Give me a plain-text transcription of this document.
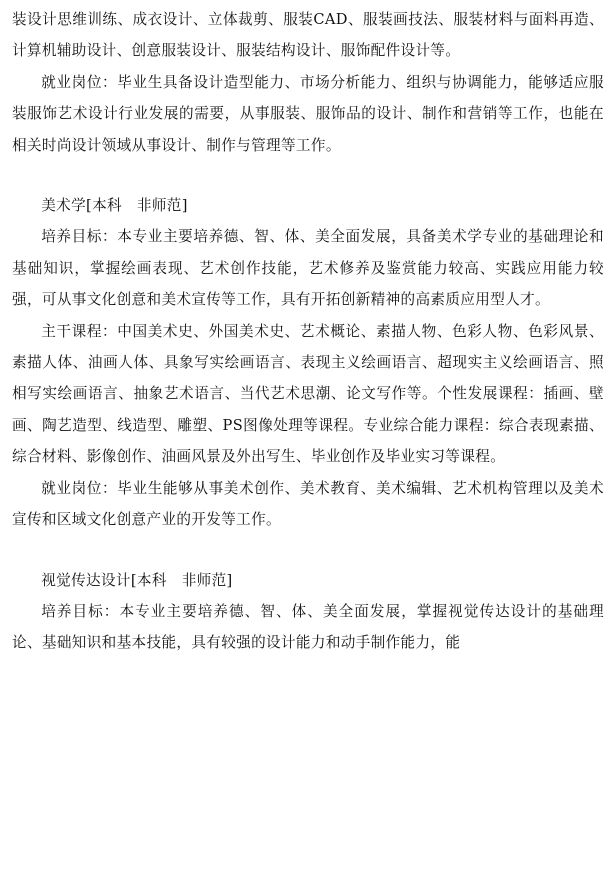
装设计思维训练、成衣设计、立体裁剪、服装CAD、服装画技法、服装材料与面料再造、计算机辅助设计、创意服装设计、服装结构设计、服饰配件设计等。

就业岗位：毕业生具备设计造型能力、市场分析能力、组织与协调能力，能够适应服装服饰艺术设计行业发展的需要，从事服装、服饰品的设计、制作和营销等工作，也能在相关时尚设计领域从事设计、制作与管理等工作。

美术学[本科　非师范]

培养目标：本专业主要培养德、智、体、美全面发展，具备美术学专业的基础理论和基础知识，掌握绘画表现、艺术创作技能，艺术修养及鉴赏能力较高、实践应用能力较强，可从事文化创意和美术宣传等工作，具有开拓创新精神的高素质应用型人才。

主干课程：中国美术史、外国美术史、艺术概论、素描人物、色彩人物、色彩风景、素描人体、油画人体、具象写实绘画语言、表现主义绘画语言、超现实主义绘画语言、照相写实绘画语言、抽象艺术语言、当代艺术思潮、论文写作等。个性发展课程：插画、壁画、陶艺造型、线造型、雕塑、PS图像处理等课程。专业综合能力课程：综合表现素描、综合材料、影像创作、油画风景及外出写生、毕业创作及毕业实习等课程。

就业岗位：毕业生能够从事美术创作、美术教育、美术编辑、艺术机构管理以及美术宣传和区域文化创意产业的开发等工作。

视觉传达设计[本科　非师范]

培养目标：本专业主要培养德、智、体、美全面发展，掌握视觉传达设计的基础理论、基础知识和基本技能，具有较强的设计能力和动手制作能力，能
